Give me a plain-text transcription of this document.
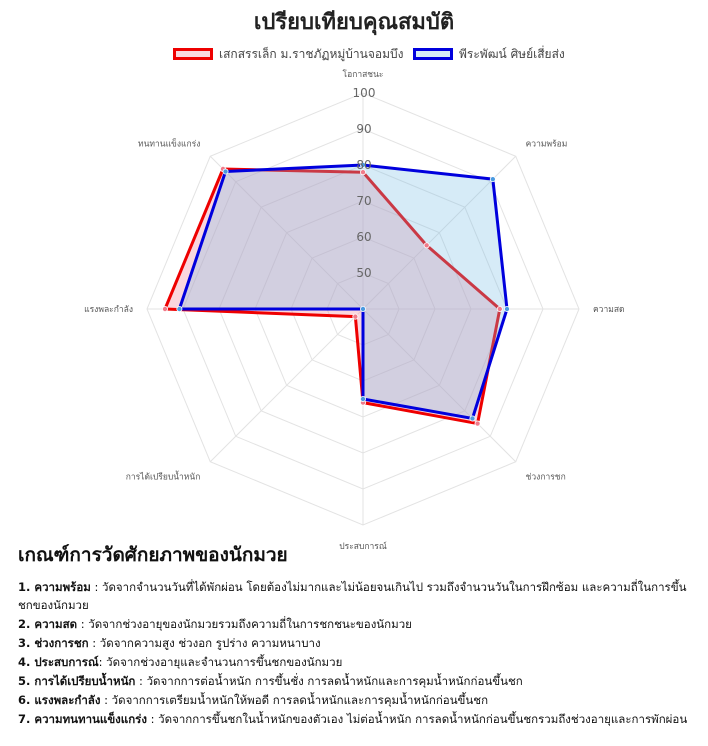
เปรียบเทียบคุณสมบัติ
เสกสรรเล็ก ม.ราชภัฏหมู่บ้านจอมบึง	พีระพัฒน์ ศิษย์เสี่ยส่ง
50
60
70
80
90
100
โอกาสชนะ
ความพร้อม
ความสด
ช่วงการชก
ประสบการณ์
การได้เปรียบน้ำหนัก
แรงพละกำลัง
ทนทานแข็งแกร่ง
เกณฑ์การวัดศักยภาพของนักมวย
1. ความพร้อม : วัดจากจำนวนวันที่ได้พักผ่อน โดยต้องไม่มากและไม่น้อยจนเกินไป รวมถึงจำนวนวันในการฝึกซ้อม และความถี่ในการขึ้นชกของนักมวย
2. ความสด : วัดจากช่วงอายุของนักมวยรวมถึงความถี่ในการชกชนะของนักมวย
3. ช่วงการชก : วัดจากความสูง ช่วงอก รูปร่าง ความหนาบาง
4. ประสบการณ์: วัดจากช่วงอายุและจำนวนการขึ้นชกของนักมวย
5. การได้เปรียบน้ำหนัก : วัดจากการต่อน้ำหนัก การขึ้นชั่ง การลดน้ำหนักและการคุมน้ำหนักก่อนขึ้นชก
6. แรงพละกำลัง : วัดจากการเตรียมน้ำหนักให้พอดี การลดน้ำหนักและการคุมน้ำหนักก่อนขึ้นชก
7. ความทนทานแข็งแกร่ง : วัดจากการขึ้นชกในน้ำหนักของตัวเอง ไม่ต่อน้ำหนัก การลดน้ำหนักก่อนขึ้นชกรวมถึงช่วงอายุและการพักผ่อน
